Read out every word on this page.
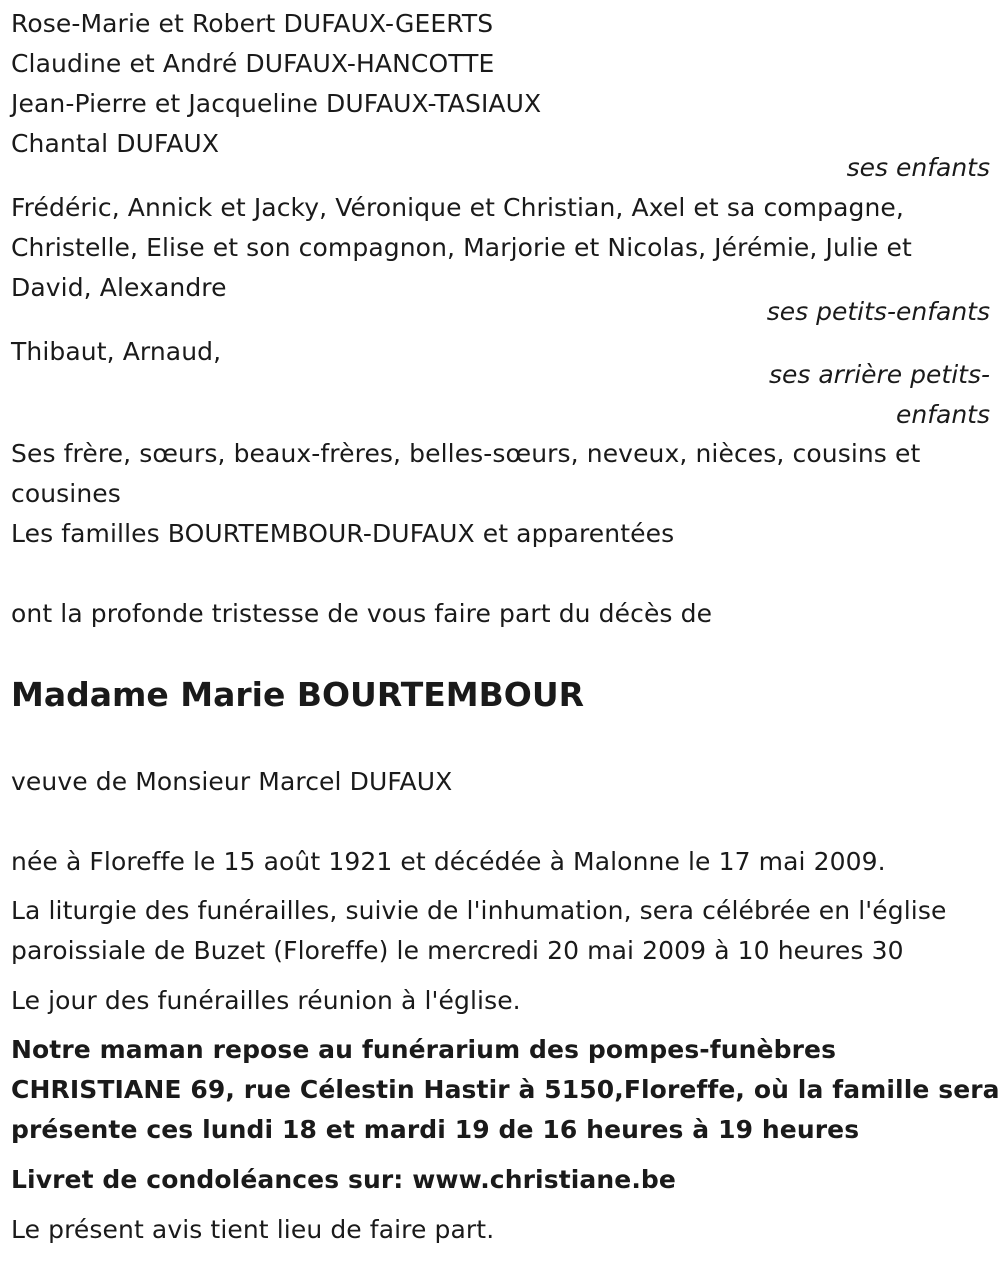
Rose-Marie et Robert DUFAUX-GEERTS
Claudine et André DUFAUX-HANCOTTE
Jean-Pierre et Jacqueline DUFAUX-TASIAUX
Chantal DUFAUX
ses enfants
Frédéric, Annick et Jacky, Véronique et Christian, Axel et sa compagne,
Christelle, Elise et son compagnon, Marjorie et Nicolas, Jérémie, Julie et
David, Alexandre
ses petits-enfants
Thibaut, Arnaud,
ses arrière petits-
enfants
Ses frère, sœurs, beaux-frères, belles-sœurs, neveux, nièces, cousins et
cousines
Les familles BOURTEMBOUR-DUFAUX et apparentées
ont la profonde tristesse de vous faire part du décès de
Madame Marie BOURTEMBOUR
veuve de Monsieur Marcel DUFAUX
née à Floreffe le 15 août 1921 et décédée à Malonne le 17 mai 2009.
La liturgie des funérailles, suivie de l'inhumation, sera célébrée en l'église
paroissiale de Buzet (Floreffe) le mercredi 20 mai 2009 à 10 heures 30
Le jour des funérailles réunion à l'église.
Notre maman repose au funérarium des pompes-funèbres
CHRISTIANE 69, rue Célestin Hastir à 5150,Floreffe, où la famille sera
présente ces lundi 18 et mardi 19 de 16 heures à 19 heures
Livret de condoléances sur: www.christiane.be
Le présent avis tient lieu de faire part.
